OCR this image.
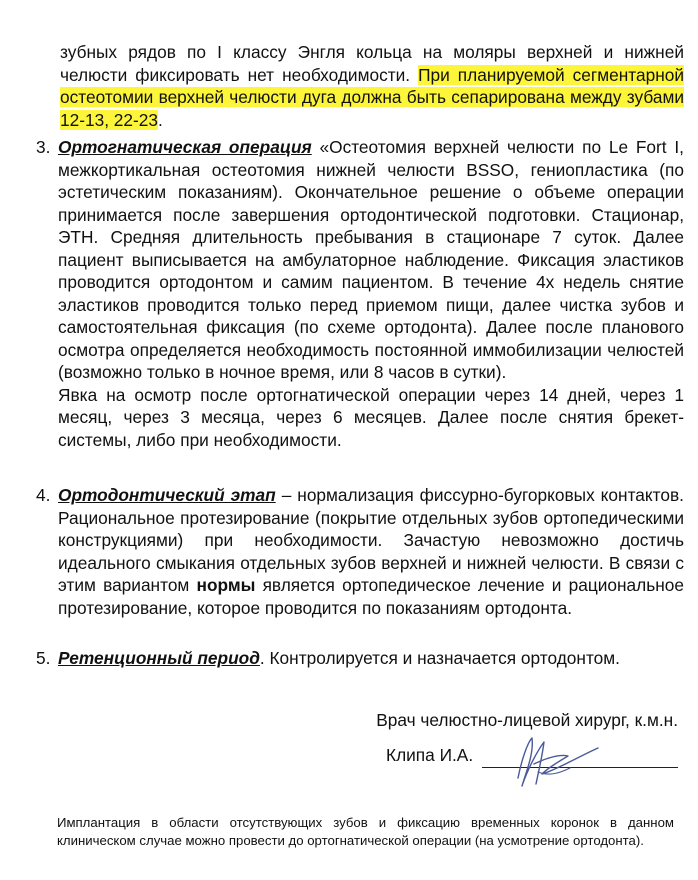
зубных рядов по I классу Энгля кольца на моляры верхней и нижней челюсти фиксировать нет необходимости. При планируемой сегментарной остеотомии верхней челюсти дуга должна быть сепарирована между зубами 12-13, 22-23.
3. Ортогнатическая операция «Остеотомия верхней челюсти по Le Fort I, межкортикальная остеотомия нижней челюсти BSSO, гениопластика (по эстетическим показаниям). Окончательное решение о объеме операции принимается после завершения ортодонтической подготовки. Стационар, ЭТН. Средняя длительность пребывания в стационаре 7 суток. Далее пациент выписывается на амбулаторное наблюдение. Фиксация эластиков проводится ортодонтом и самим пациентом. В течение 4х недель снятие эластиков проводится только перед приемом пищи, далее чистка зубов и самостоятельная фиксация (по схеме ортодонта). Далее после планового осмотра определяется необходимость постоянной иммобилизации челюстей (возможно только в ночное время, или 8 часов в сутки).

Явка на осмотр после ортогнатической операции через 14 дней, через 1 месяц, через 3 месяца, через 6 месяцев. Далее после снятия брекет-системы, либо при необходимости.

4. Ортодонтический этап – нормализация фиссурно-бугорковых контактов. Рациональное протезирование (покрытие отдельных зубов ортопедическими конструкциями) при необходимости. Зачастую невозможно достичь идеального смыкания отдельных зубов верхней и нижней челюсти. В связи с этим вариантом нормы является ортопедическое лечение и рациональное протезирование, которое проводится по показаниям ортодонта.

5. Ретенционный период. Контролируется и назначается ортодонтом.

Врач челюстно-лицевой хирург, к.м.н.
Клипа И.А.
Имплантация в области отсутствующих зубов и фиксацию временных коронок в данном клиническом случае можно провести до ортогнатической операции (на усмотрение ортодонта).
